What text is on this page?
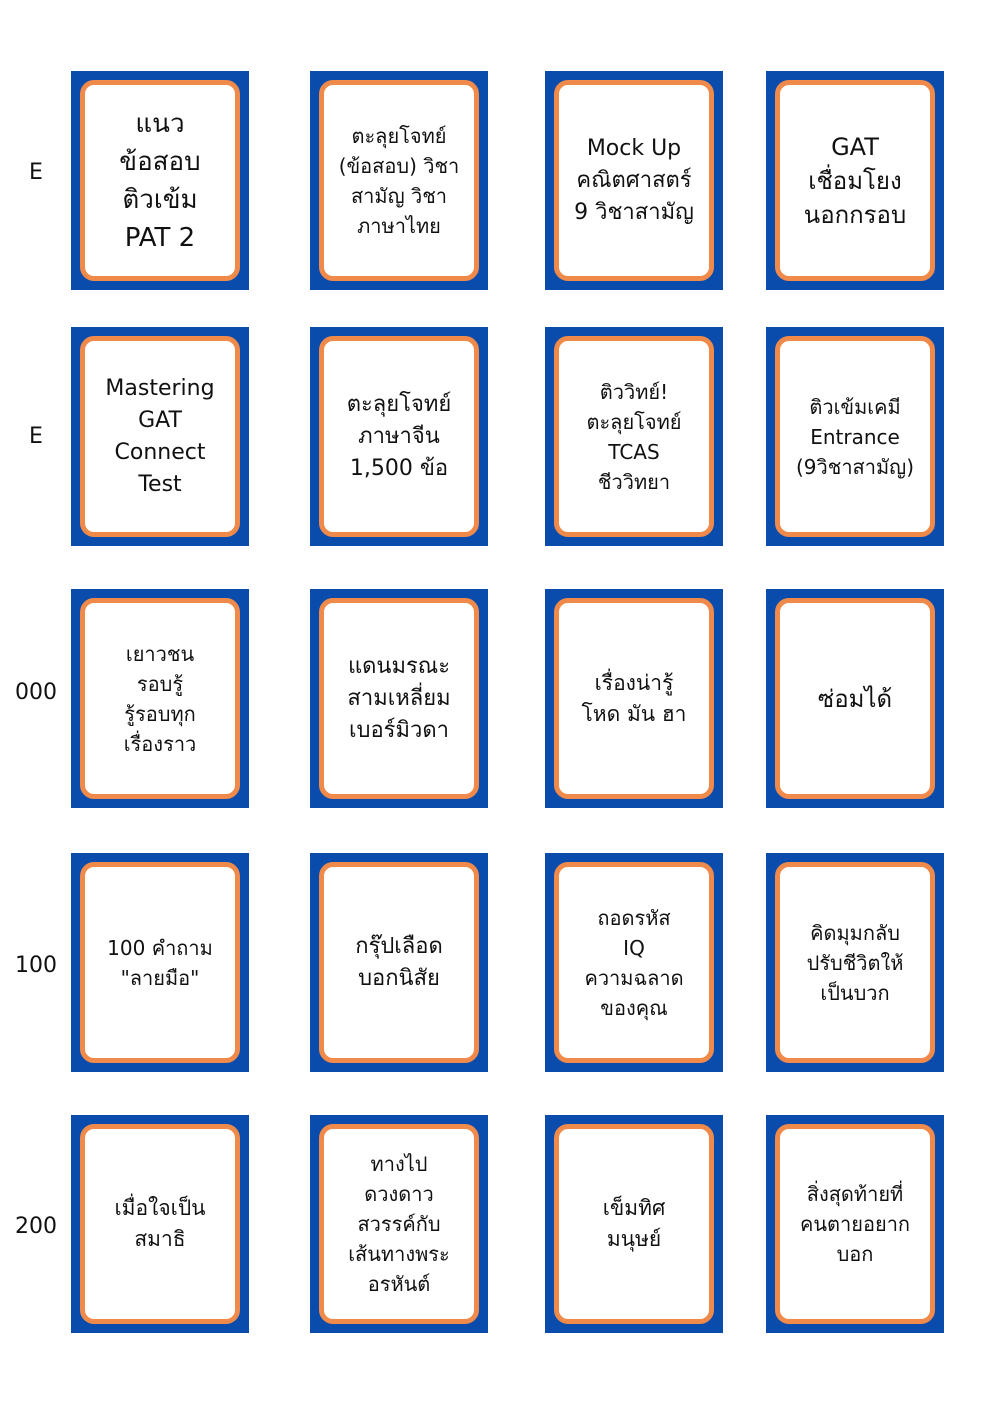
E
E
000
100
200
แนว
ข้อสอบ
ติวเข้ม
PAT 2
ตะลุยโจทย์
(ข้อสอบ) วิชา
สามัญ วิชา
ภาษาไทย
Mock Up
คณิตศาสตร์
9 วิชาสามัญ
GAT
เชื่อมโยง
นอกกรอบ
Mastering
GAT
Connect
Test
ตะลุยโจทย์
ภาษาจีน
1,500 ข้อ
ติววิทย์!
ตะลุยโจทย์
TCAS
ชีววิทยา
ติวเข้มเคมี
Entrance
(9วิชาสามัญ)
เยาวชน
รอบรู้
รู้รอบทุก
เรื่องราว
แดนมรณะ
สามเหลี่ยม
เบอร์มิวดา
เรื่องน่ารู้
โหด มัน ฮา
ซ่อมได้
100 คำถาม
"ลายมือ"
กรุ๊ปเลือด
บอกนิสัย
ถอดรหัส
IQ
ความฉลาด
ของคุณ
คิดมุมกลับ
ปรับชีวิตให้
เป็นบวก
เมื่อใจเป็น
สมาธิ
ทางไป
ดวงดาว
สวรรค์กับ
เส้นทางพระ
อรหันต์
เข็มทิศ
มนุษย์
สิ่งสุดท้ายที่
คนตายอยาก
บอก
